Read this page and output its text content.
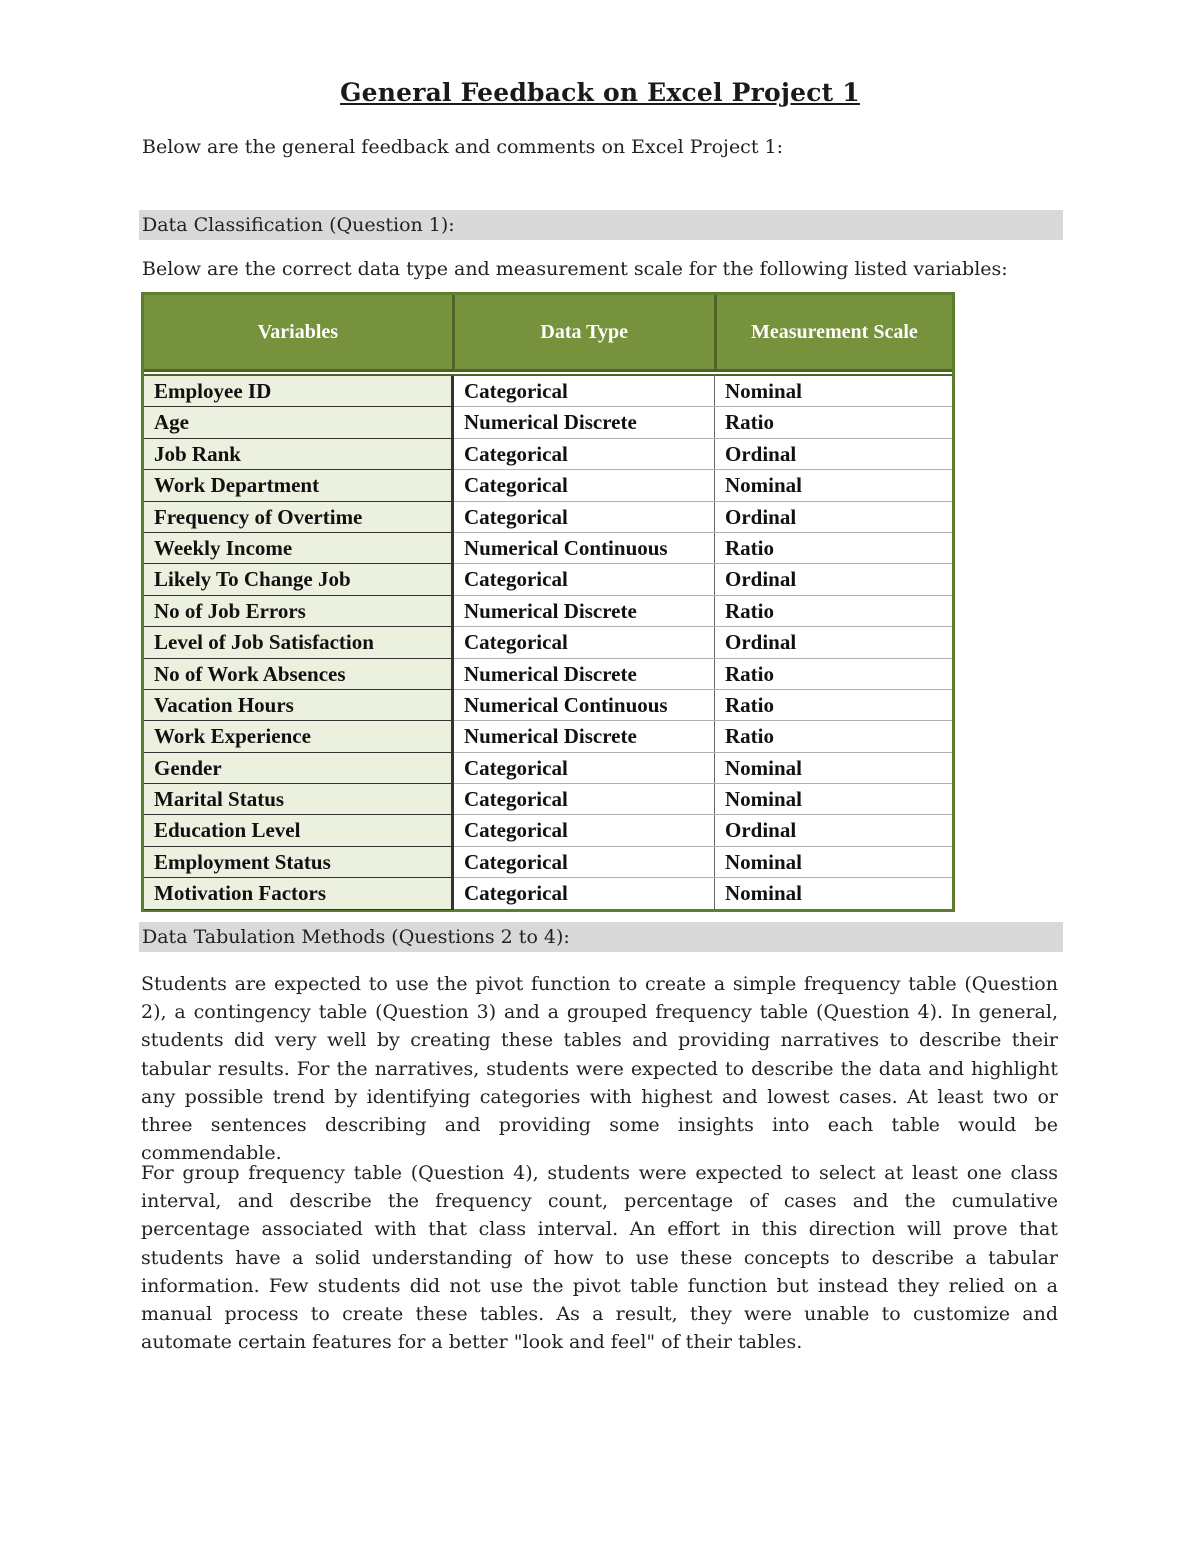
General Feedback on Excel Project 1
Below are the general feedback and comments on Excel Project 1:
Data Classification (Question 1):
Below are the correct data type and measurement scale for the following listed variables:
Variables	Data Type	Measurement Scale
Employee ID	Categorical	Nominal
Age	Numerical Discrete	Ratio
Job Rank	Categorical	Ordinal
Work Department	Categorical	Nominal
Frequency of Overtime	Categorical	Ordinal
Weekly Income	Numerical Continuous	Ratio
Likely To Change Job	Categorical	Ordinal
No of Job Errors	Numerical Discrete	Ratio
Level of Job Satisfaction	Categorical	Ordinal
No of Work Absences	Numerical Discrete	Ratio
Vacation Hours	Numerical Continuous	Ratio
Work Experience	Numerical Discrete	Ratio
Gender	Categorical	Nominal
Marital Status	Categorical	Nominal
Education Level	Categorical	Ordinal
Employment Status	Categorical	Nominal
Motivation Factors	Categorical	Nominal
Data Tabulation Methods (Questions 2 to 4):

Students are expected to use the pivot function to create a simple frequency table (Question 2), a contingency table (Question 3) and a grouped frequency table (Question 4). In general, students did very well by creating these tables and providing narratives to describe their tabular results. For the narratives, students were expected to describe the data and highlight any possible trend by identifying categories with highest and lowest cases. At least two or three sentences describing and providing some insights into each table would be commendable.

For group frequency table (Question 4), students were expected to select at least one class interval, and describe the frequency count, percentage of cases and the cumulative percentage associated with that class interval. An effort in this direction will prove that students have a solid understanding of how to use these concepts to describe a tabular information. Few students did not use the pivot table function but instead they relied on a manual process to create these tables. As a result, they were unable to customize and automate certain features for a better "look and feel" of their tables.
